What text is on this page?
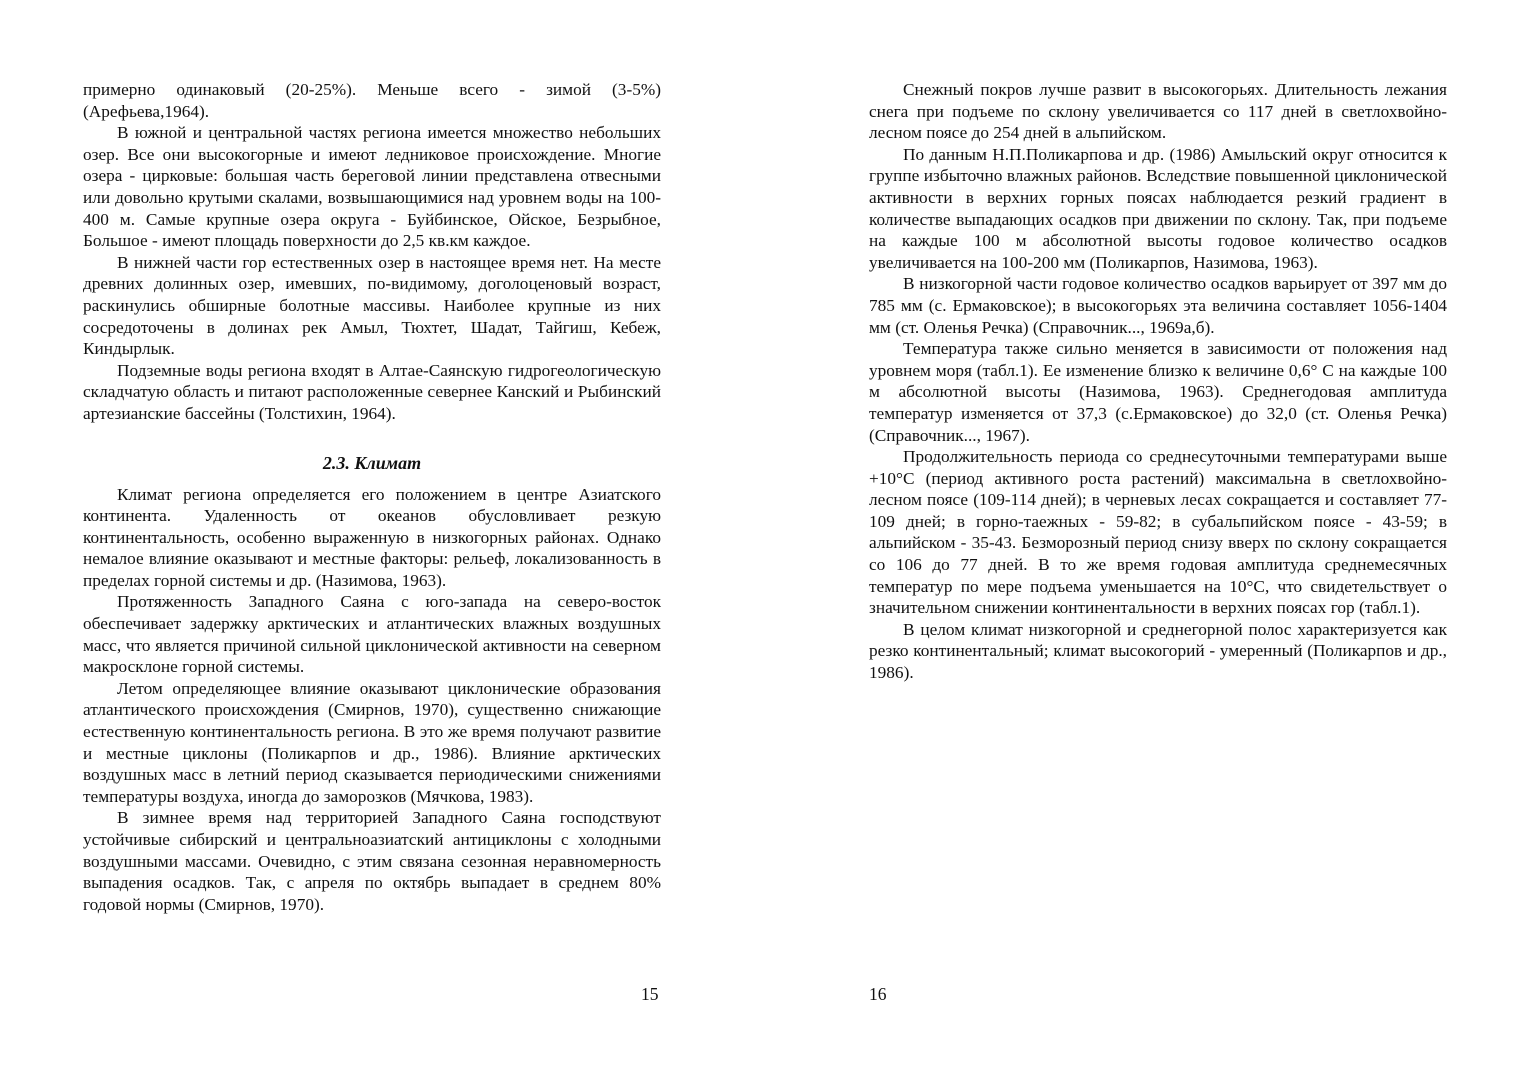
примерно одинаковый (20-25%). Меньше всего - зимой (3-5%) (Арефьева,1964).

В южной и центральной частях региона имеется множество небольших озер. Все они высокогорные и имеют ледниковое происхождение. Многие озера - цирковые: большая часть береговой линии представлена отвесными или довольно крутыми скалами, возвышающимися над уровнем воды на 100-400 м. Самые крупные озера округа - Буйбинское, Ойское, Безрыбное, Большое - имеют площадь поверхности до 2,5 кв.км каждое.

В нижней части гор естественных озер в настоящее время нет. На месте древних долинных озер, имевших, по-видимому, доголоценовый возраст, раскинулись обширные болотные массивы. Наиболее крупные из них сосредоточены в долинах рек Амыл, Тюхтет, Шадат, Тайгиш, Кебеж, Киндырлык.

Подземные воды региона входят в Алтае-Саянскую гидрогеологическую складчатую область и питают расположенные севернее Канский и Рыбинский артезианские бассейны (Толстихин, 1964).

2.3. Климат

Климат региона определяется его положением в центре Азиатского континента. Удаленность от океанов обусловливает резкую континентальность, особенно выраженную в низкогорных районах. Однако немалое влияние оказывают и местные факторы: рельеф, локализованность в пределах горной системы и др. (Назимова, 1963).

Протяженность Западного Саяна с юго-запада на северо-восток обеспечивает задержку арктических и атлантических влажных воздушных масс, что является причиной сильной циклонической активности на северном макросклоне горной системы.

Летом определяющее влияние оказывают циклонические образования атлантического происхождения (Смирнов, 1970), существенно снижающие естественную континентальность региона. В это же время получают развитие и местные циклоны (Поликарпов и др., 1986). Влияние арктических воздушных масс в летний период сказывается периодическими снижениями температуры воздуха, иногда до заморозков (Мячкова, 1983).

В зимнее время над территорией Западного Саяна господствуют устойчивые сибирский и центральноазиатский антициклоны с холодными воздушными массами. Очевидно, с этим связана сезонная неравномерность выпадения осадков. Так, с апреля по октябрь выпадает в среднем 80% годовой нормы (Смирнов, 1970).

15

Снежный покров лучше развит в высокогорьях. Длительность лежания снега при подъеме по склону увеличивается со 117 дней в светлохвойно-лесном поясе до 254 дней в альпийском.

По данным Н.П.Поликарпова и др. (1986) Амыльский округ относится к группе избыточно влажных районов. Вследствие повышенной циклонической активности в верхних горных поясах наблюдается резкий градиент в количестве выпадающих осадков при движении по склону. Так, при подъеме на каждые 100 м абсолютной высоты годовое количество осадков увеличивается на 100-200 мм (Поликарпов, Назимова, 1963).

В низкогорной части годовое количество осадков варьирует от 397 мм до 785 мм (с. Ермаковское); в высокогорьях эта величина составляет 1056-1404 мм (ст. Оленья Речка) (Справочник..., 1969а,б).

Температура также сильно меняется в зависимости от положения над уровнем моря (табл.1). Ее изменение близко к величине 0,6° С на каждые 100 м абсолютной высоты (Назимова, 1963). Среднегодовая амплитуда температур изменяется от 37,3 (с.Ермаковское) до 32,0 (ст. Оленья Речка) (Справочник..., 1967).

Продолжительность периода со среднесуточными температурами выше +10°С (период активного роста растений) максимальна в светлохвойно-лесном поясе (109-114 дней); в черневых лесах сокращается и составляет 77-109 дней; в горно-таежных - 59-82; в субальпийском поясе - 43-59; в альпийском - 35-43. Безморозный период снизу вверх по склону сокращается со 106 до 77 дней. В то же время годовая амплитуда среднемесячных температур по мере подъема уменьшается на 10°С, что свидетельствует о значительном снижении континентальности в верхних поясах гор (табл.1).

В целом климат низкогорной и среднегорной полос характеризуется как резко континентальный; климат высокогорий - умеренный (Поликарпов и др., 1986).

16
